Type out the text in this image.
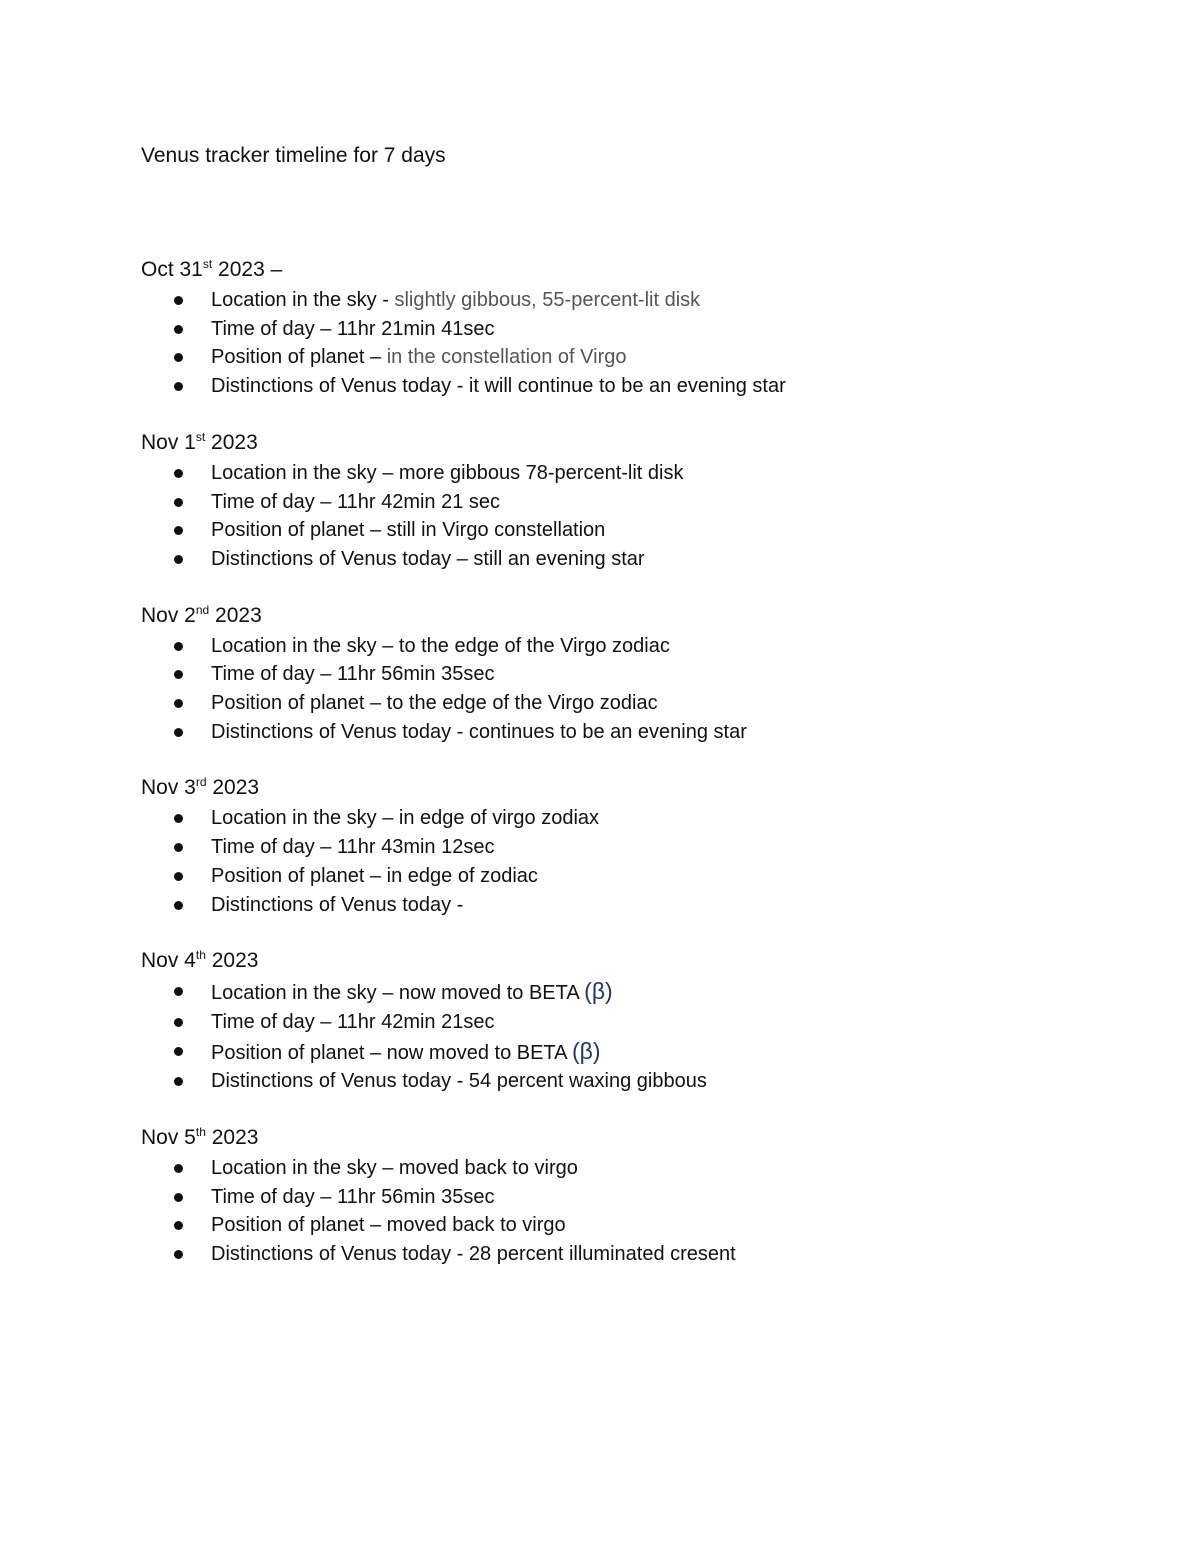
Venus tracker timeline for 7 days
Oct 31st 2023 –
Location in the sky - slightly gibbous, 55-percent-lit disk
Time of day – 11hr 21min 41sec
Position of planet – in the constellation of Virgo
Distinctions of Venus today - it will continue to be an evening star
Nov 1st 2023
Location in the sky – more gibbous 78-percent-lit disk
Time of day – 11hr 42min 21 sec
Position of planet – still in Virgo constellation
Distinctions of Venus today – still an evening star
Nov 2nd 2023
Location in the sky – to the edge of the Virgo zodiac
Time of day – 11hr 56min 35sec
Position of planet – to the edge of the Virgo zodiac
Distinctions of Venus today - continues to be an evening star
Nov 3rd 2023
Location in the sky – in edge of virgo zodiax
Time of day – 11hr 43min 12sec
Position of planet – in edge of zodiac
Distinctions of Venus today -
Nov 4th 2023
Location in the sky – now moved to BETA (β)
Time of day – 11hr 42min 21sec
Position of planet – now moved to BETA (β)
Distinctions of Venus today - 54 percent waxing gibbous
Nov 5th 2023
Location in the sky – moved back to virgo
Time of day – 11hr 56min 35sec
Position of planet – moved back to virgo
Distinctions of Venus today - 28 percent illuminated cresent
